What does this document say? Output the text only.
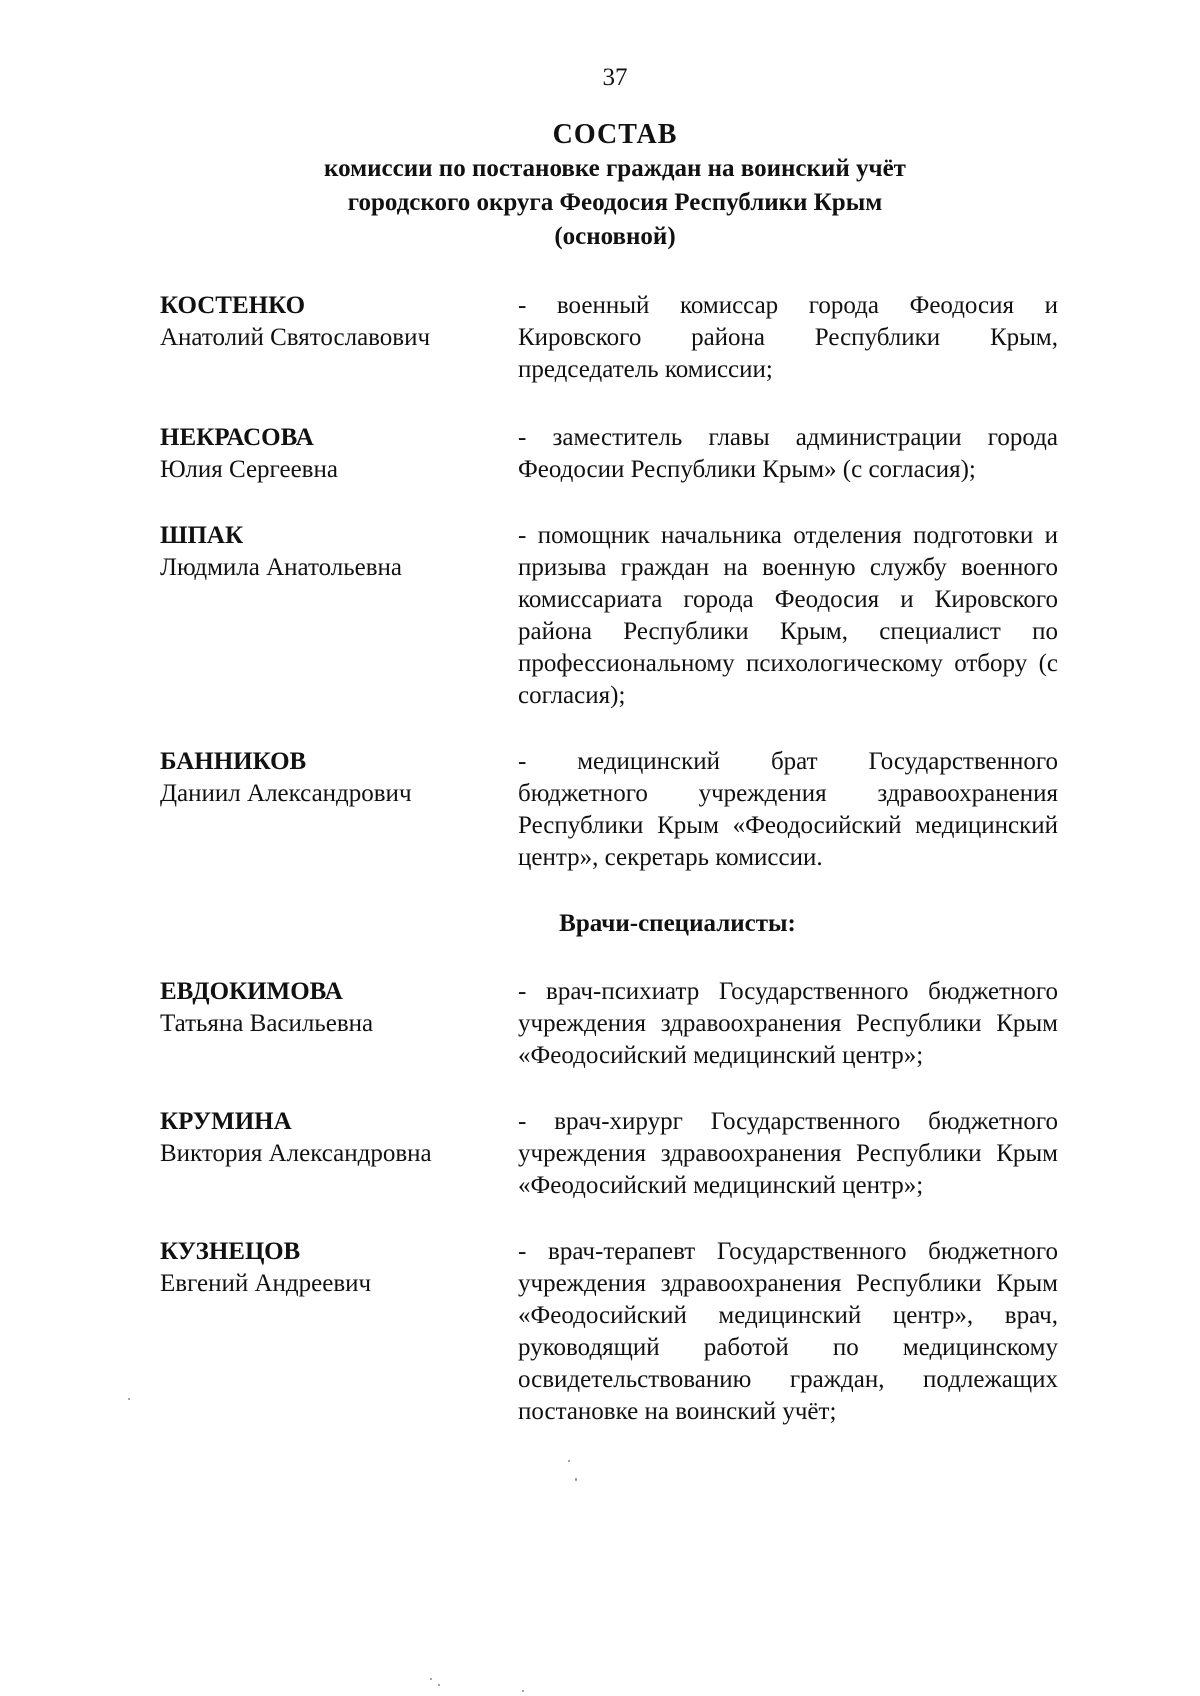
37
СОСТАВ
комиссии по постановке граждан на воинский учёт
городского округа Феодосия Республики Крым
(основной)
КОСТЕНКО
Анатолий Святославович
- военный комиссар города Феодосия и Кировского района Республики Крым, председатель комиссии;
НЕКРАСОВА
Юлия Сергеевна
- заместитель главы администрации города Феодосии Республики Крым» (с согласия);
ШПАК
Людмила Анатольевна
- помощник начальника отделения подготовки и призыва граждан на военную службу военного комиссариата города Феодосия и Кировского района Республики Крым, специалист по профессиональному психологическому отбору (с согласия);
БАННИКОВ
Даниил Александрович
- медицинский брат Государственного бюджетного учреждения здравоохранения Республики Крым «Феодосийский медицинский центр», секретарь комиссии.
Врачи-специалисты:
ЕВДОКИМОВА
Татьяна Васильевна
- врач-психиатр Государственного бюджетного учреждения здравоохранения Республики Крым «Феодосийский медицинский центр»;
КРУМИНА
Виктория Александровна
- врач-хирург Государственного бюджетного учреждения здравоохранения Республики Крым «Феодосийский медицинский центр»;
КУЗНЕЦОВ
Евгений Андреевич
- врач-терапевт Государственного бюджетного учреждения здравоохранения Республики Крым «Феодосийский медицинский центр», врач, руководящий работой по медицинскому освидетельствованию граждан, подлежащих постановке на воинский учёт;
